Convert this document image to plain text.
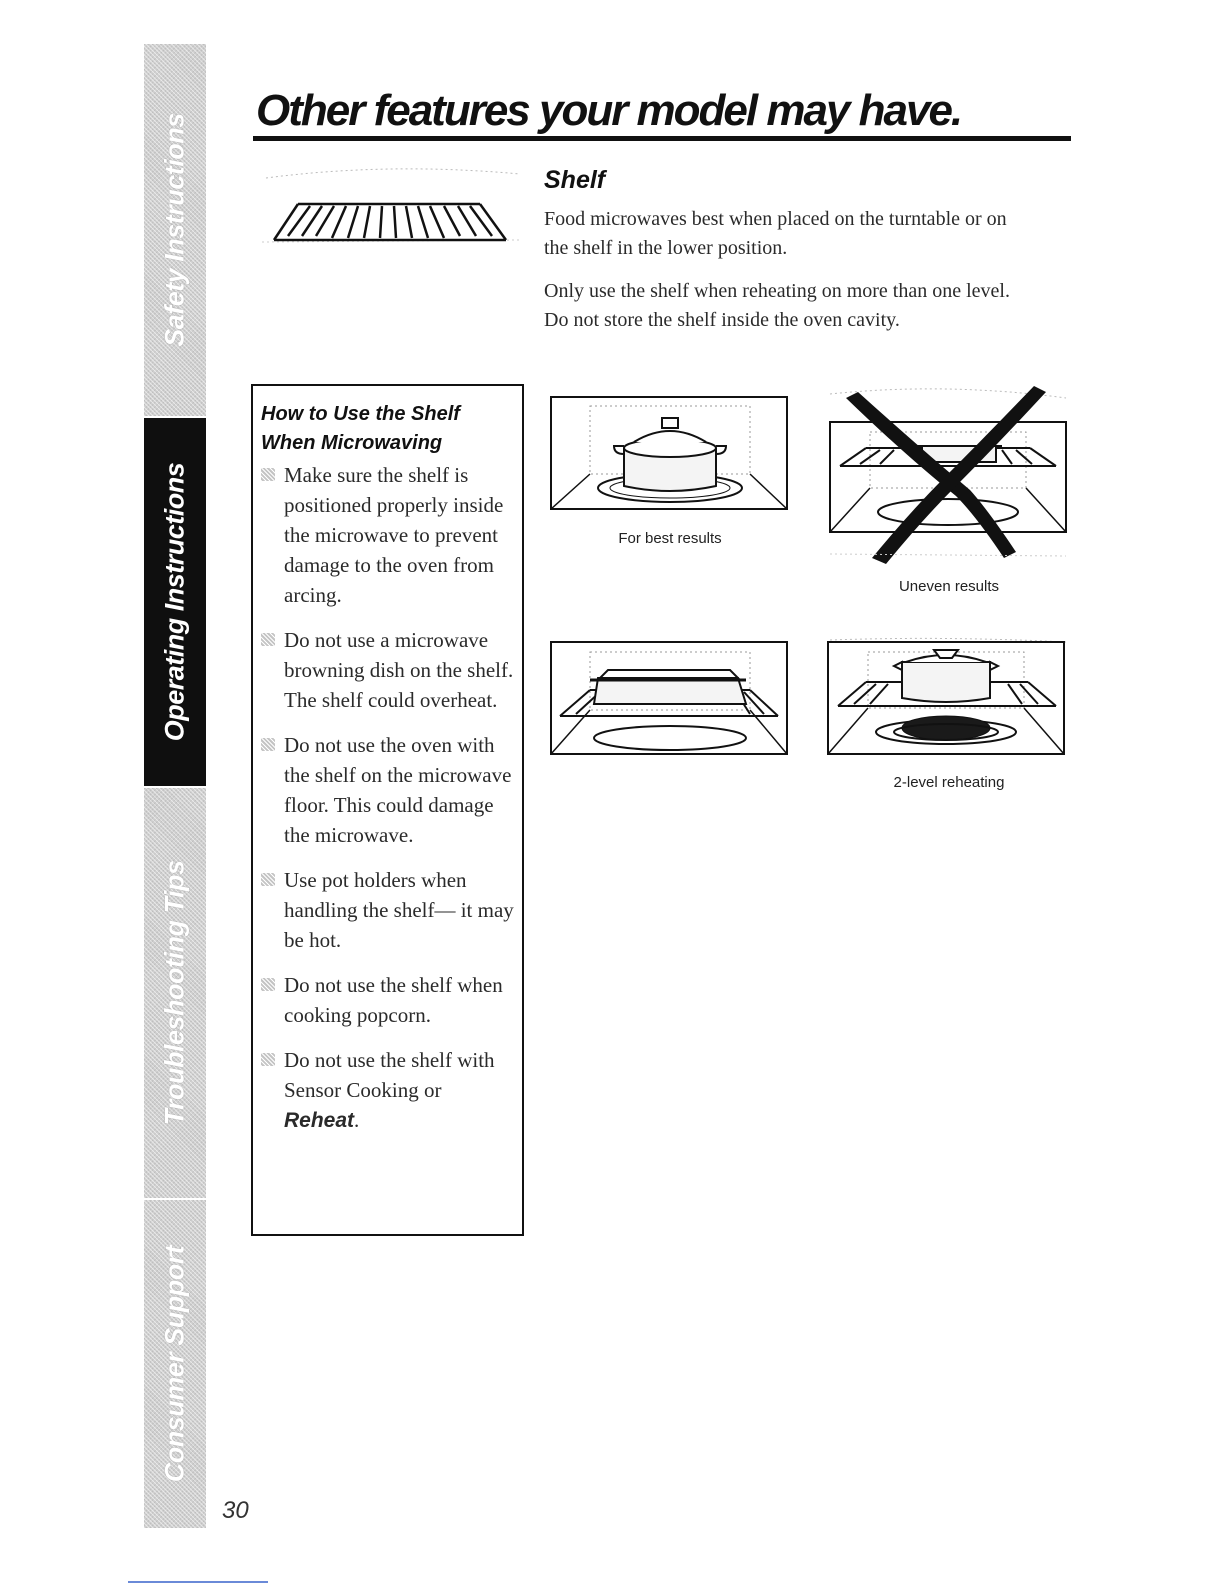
Safety Instructions
Operating Instructions
Troubleshooting Tips
Consumer Support
30
Other features your model may have.
Shelf

Food microwaves best when placed on the turntable or on the shelf in the lower position.

Only use the shelf when reheating on more than one level. Do not store the shelf inside the oven cavity.

How to Use the Shelf
When Microwaving
Make sure the shelf is positioned properly inside the microwave to prevent damage to the oven from arcing.
Do not use a microwave browning dish on the shelf. The shelf could overheat.
Do not use the oven with the shelf on the microwave floor. This could damage the microwave.
Use pot holders when handling the shelf— it may be hot.
Do not use the shelf when cooking popcorn.
Do not use the shelf with Sensor Cooking or Reheat.
For best results
Uneven results
2-level reheating
